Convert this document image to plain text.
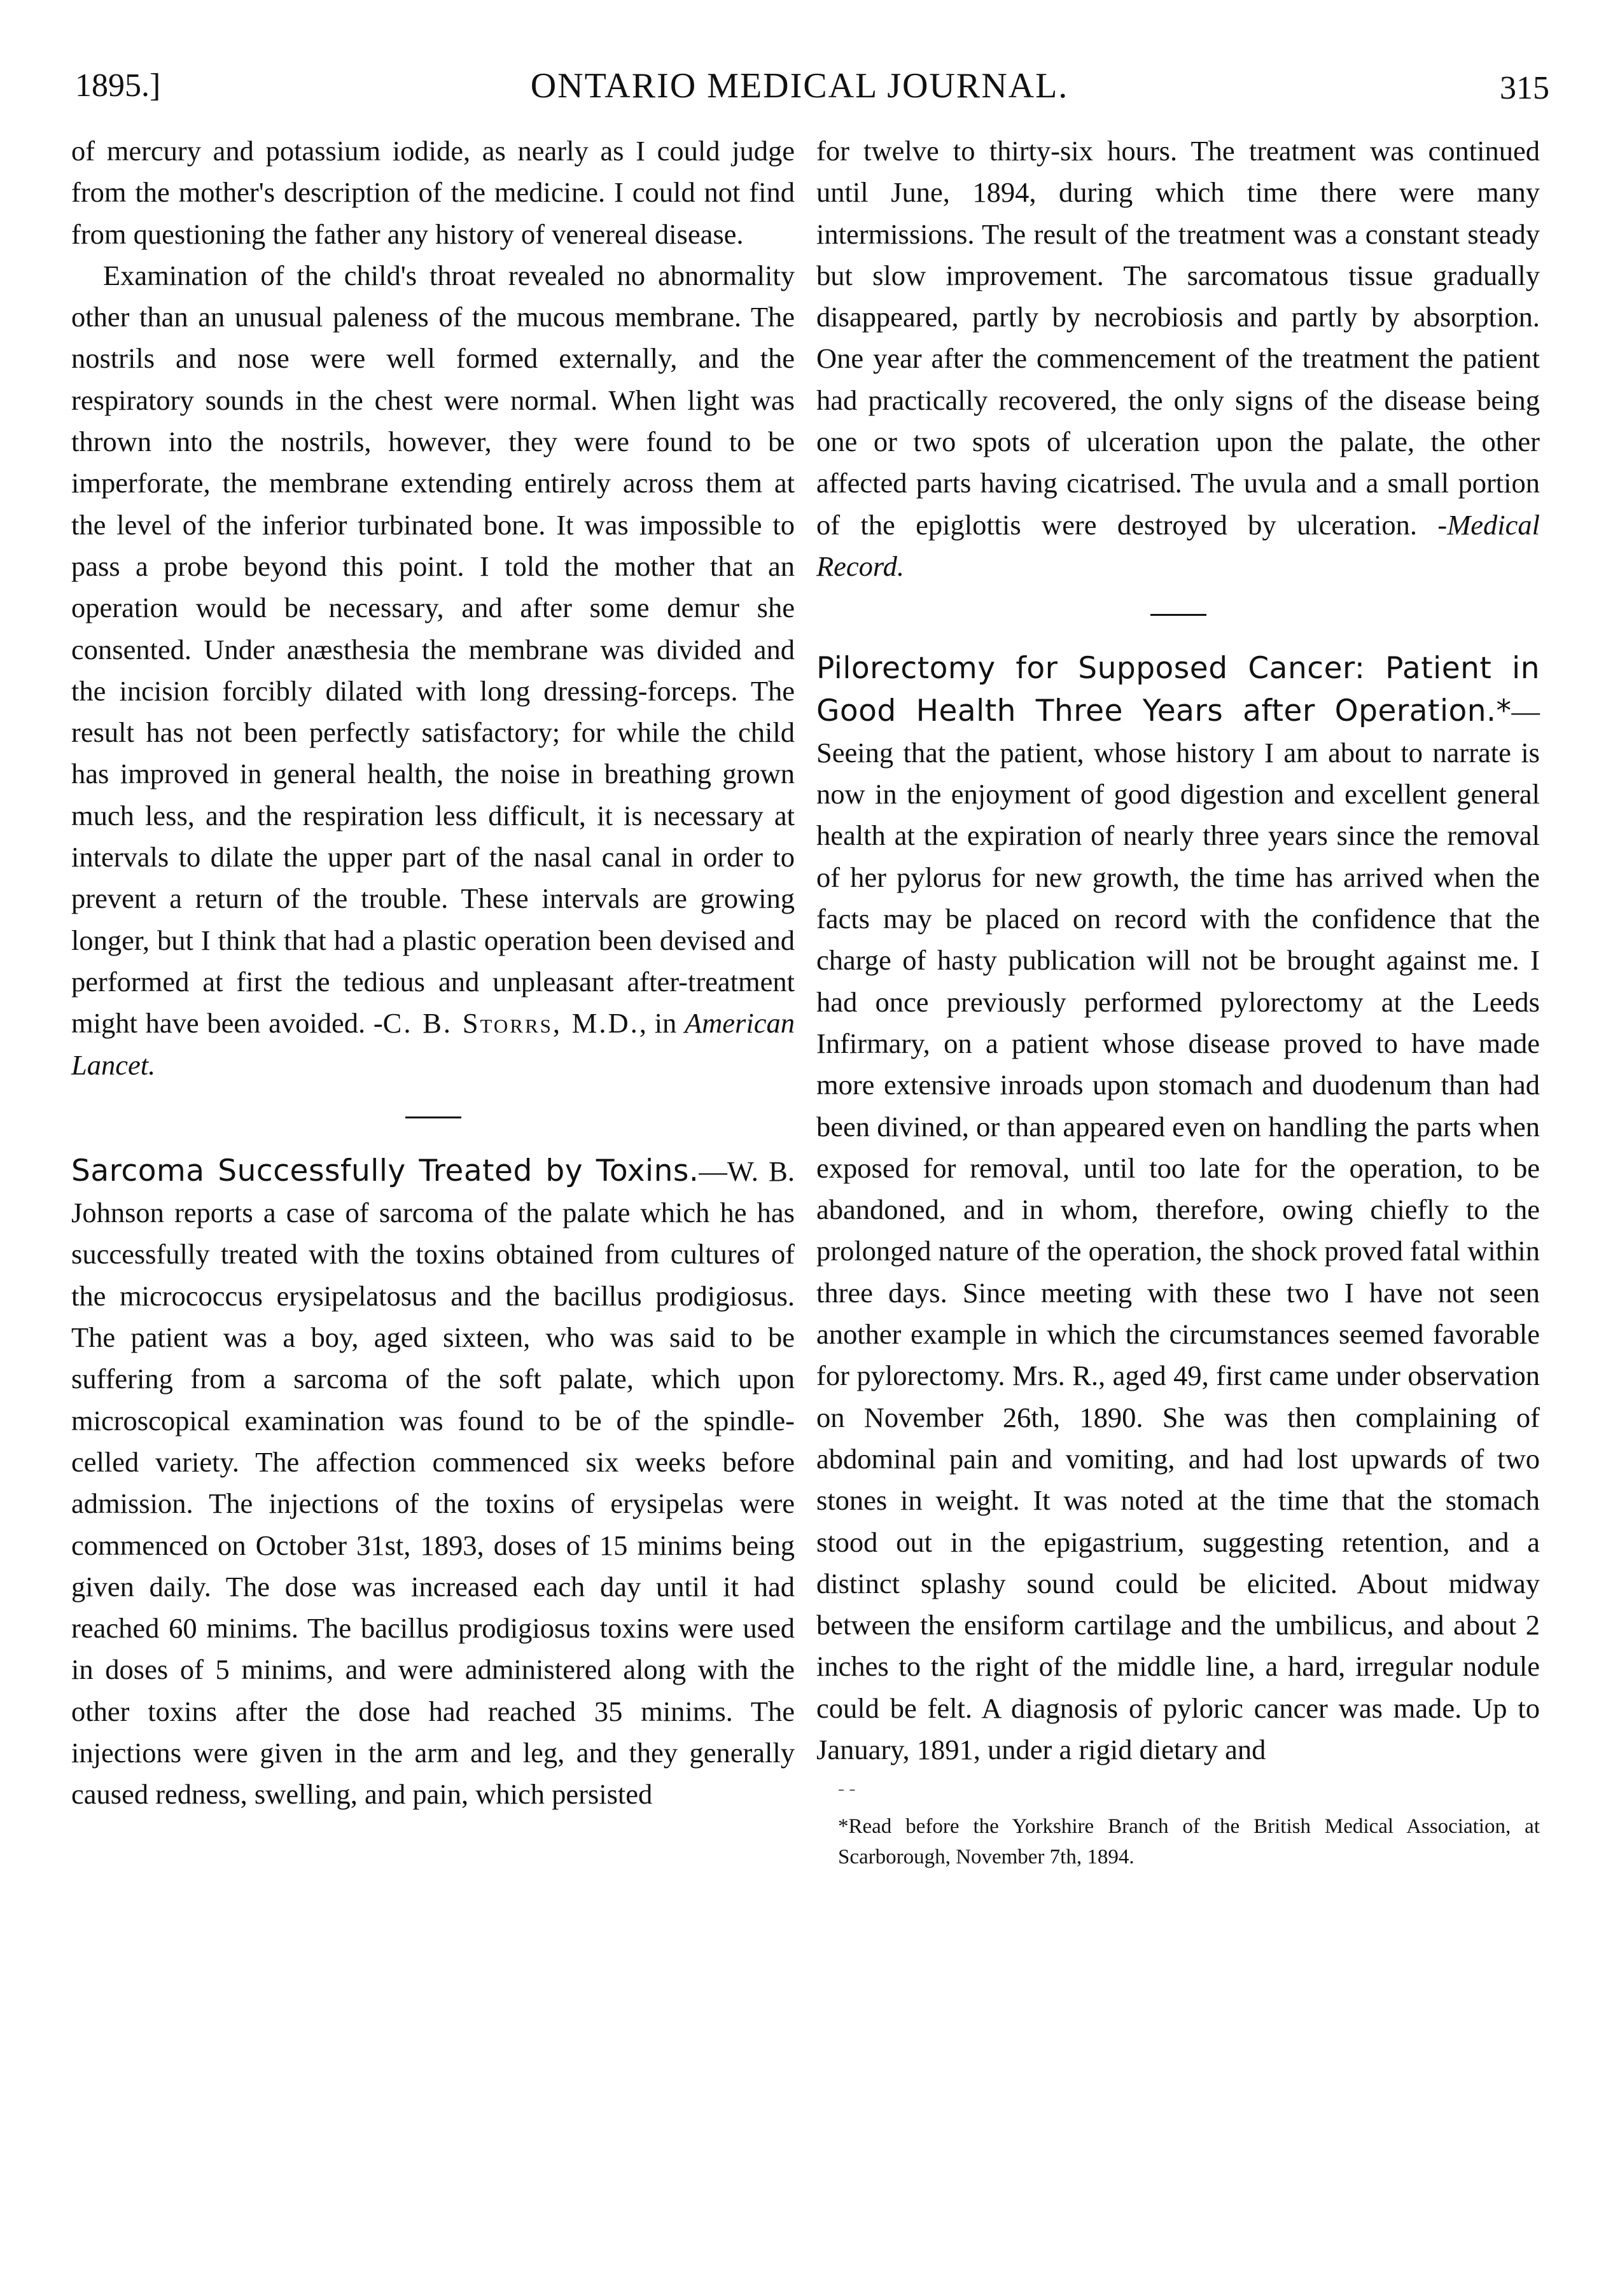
1895.]	ONTARIO MEDICAL JOURNAL.	315

of mercury and potassium iodide, as nearly as I could judge from the mother's description of the medicine. I could not find from questioning the father any history of venereal disease.

Examination of the child's throat revealed no abnormality other than an unusual paleness of the mucous membrane. The nostrils and nose were well formed externally, and the respiratory sounds in the chest were normal. When light was thrown into the nostrils, however, they were found to be imperforate, the membrane extending entirely across them at the level of the inferior turbinated bone. It was impossible to pass a probe beyond this point. I told the mother that an operation would be necessary, and after some demur she consented. Under anæsthesia the membrane was divided and the incision forcibly dilated with long dressing-forceps. The result has not been perfectly satisfactory; for while the child has improved in general health, the noise in breathing grown much less, and the respiration less difficult, it is necessary at intervals to dilate the upper part of the nasal canal in order to prevent a return of the trouble. These intervals are growing longer, but I think that had a plastic operation been devised and performed at first the tedious and unpleasant after-treatment might have been avoided. -C. B. Storrs, M.D., in American Lancet.

Sarcoma Successfully Treated by Toxins.—W. B. Johnson reports a case of sarcoma of the palate which he has successfully treated with the toxins obtained from cultures of the micrococcus erysipelatosus and the bacillus prodigiosus. The patient was a boy, aged sixteen, who was said to be suffering from a sarcoma of the soft palate, which upon microscopical examination was found to be of the spindle-celled variety. The affection commenced six weeks before admission. The injections of the toxins of erysipelas were commenced on October 31st, 1893, doses of 15 minims being given daily. The dose was increased each day until it had reached 60 minims. The bacillus prodigiosus toxins were used in doses of 5 minims, and were administered along with the other toxins after the dose had reached 35 minims. The injections were given in the arm and leg, and they generally caused redness, swelling, and pain, which persisted

for twelve to thirty-six hours. The treatment was continued until June, 1894, during which time there were many intermissions. The result of the treatment was a constant steady but slow improvement. The sarcomatous tissue gradually disappeared, partly by necrobiosis and partly by absorption. One year after the commencement of the treatment the patient had practically recovered, the only signs of the disease being one or two spots of ulceration upon the palate, the other affected parts having cicatrised. The uvula and a small portion of the epiglottis were destroyed by ulceration. -Medical Record.

Pilorectomy for Supposed Cancer: Patient in Good Health Three Years after Operation.*—Seeing that the patient, whose history I am about to narrate is now in the enjoyment of good digestion and excellent general health at the expiration of nearly three years since the removal of her pylorus for new growth, the time has arrived when the facts may be placed on record with the confidence that the charge of hasty publication will not be brought against me. I had once previously performed pylorectomy at the Leeds Infirmary, on a patient whose disease proved to have made more extensive inroads upon stomach and duodenum than had been divined, or than appeared even on handling the parts when exposed for removal, until too late for the operation, to be abandoned, and in whom, therefore, owing chiefly to the prolonged nature of the operation, the shock proved fatal within three days. Since meeting with these two I have not seen another example in which the circumstances seemed favorable for pylorectomy. Mrs. R., aged 49, first came under observation on November 26th, 1890. She was then complaining of abdominal pain and vomiting, and had lost upwards of two stones in weight. It was noted at the time that the stomach stood out in the epigastrium, suggesting retention, and a distinct splashy sound could be elicited. About midway between the ensiform cartilage and the umbilicus, and about 2 inches to the right of the middle line, a hard, irregular nodule could be felt. A diagnosis of pyloric cancer was made. Up to January, 1891, under a rigid dietary and

- -
*Read before the Yorkshire Branch of the British Medical Association, at Scarborough, November 7th, 1894.
